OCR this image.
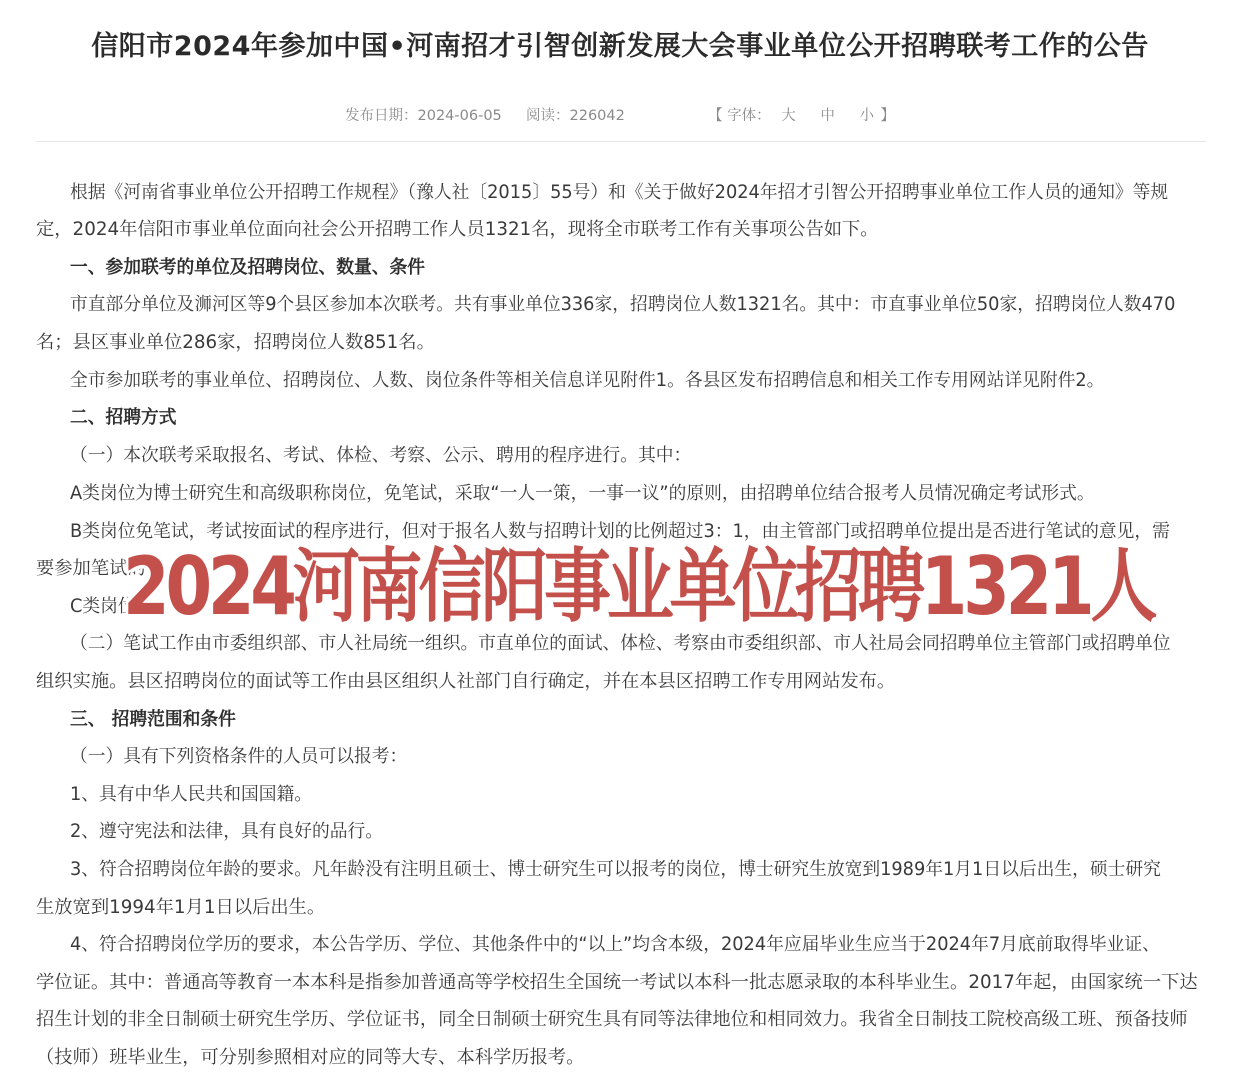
信阳市2024年参加中国•河南招才引智创新发展大会事业单位公开招聘联考工作的公告
发布日期：2024-06-05 阅读：226042	【 字体： 大 中 小 】
根据《河南省事业单位公开招聘工作规程》（豫人社〔2015〕55号）和《关于做好2024年招才引智公开招聘事业单位工作人员的通知》等规
定，2024年信阳市事业单位面向社会公开招聘工作人员1321名，现将全市联考工作有关事项公告如下。
一、参加联考的单位及招聘岗位、数量、条件
市直部分单位及浉河区等9个县区参加本次联考。共有事业单位336家，招聘岗位人数1321名。其中：市直事业单位50家，招聘岗位人数470
名；县区事业单位286家，招聘岗位人数851名。
全市参加联考的事业单位、招聘岗位、人数、岗位条件等相关信息详见附件1。各县区发布招聘信息和相关工作专用网站详见附件2。
二、招聘方式
（一）本次联考采取报名、考试、体检、考察、公示、聘用的程序进行。其中：
A类岗位为博士研究生和高级职称岗位，免笔试，采取“一人一策，一事一议”的原则，由招聘单位结合报考人员情况确定考试形式。
B类岗位免笔试，考试按面试的程序进行，但对于报名人数与招聘计划的比例超过3：1，由主管部门或招聘单位提出是否进行笔试的意见，需
要参加笔试的
C类岗位
（二）笔试工作由市委组织部、市人社局统一组织。市直单位的面试、体检、考察由市委组织部、市人社局会同招聘单位主管部门或招聘单位
组织实施。县区招聘岗位的面试等工作由县区组织人社部门自行确定，并在本县区招聘工作专用网站发布。
三、 招聘范围和条件
（一）具有下列资格条件的人员可以报考：
1、具有中华人民共和国国籍。
2、遵守宪法和法律，具有良好的品行。
3、符合招聘岗位年龄的要求。凡年龄没有注明且硕士、博士研究生可以报考的岗位，博士研究生放宽到1989年1月1日以后出生，硕士研究
生放宽到1994年1月1日以后出生。
4、符合招聘岗位学历的要求，本公告学历、学位、其他条件中的“以上”均含本级，2024年应届毕业生应当于2024年7月底前取得毕业证、
学位证。其中：普通高等教育一本本科是指参加普通高等学校招生全国统一考试以本科一批志愿录取的本科毕业生。2017年起，由国家统一下达
招生计划的非全日制硕士研究生学历、学位证书，同全日制硕士研究生具有同等法律地位和相同效力。我省全日制技工院校高级工班、预备技师
（技师）班毕业生，可分别参照相对应的同等大专、本科学历报考。
2024河南信阳事业单位招聘1321人
